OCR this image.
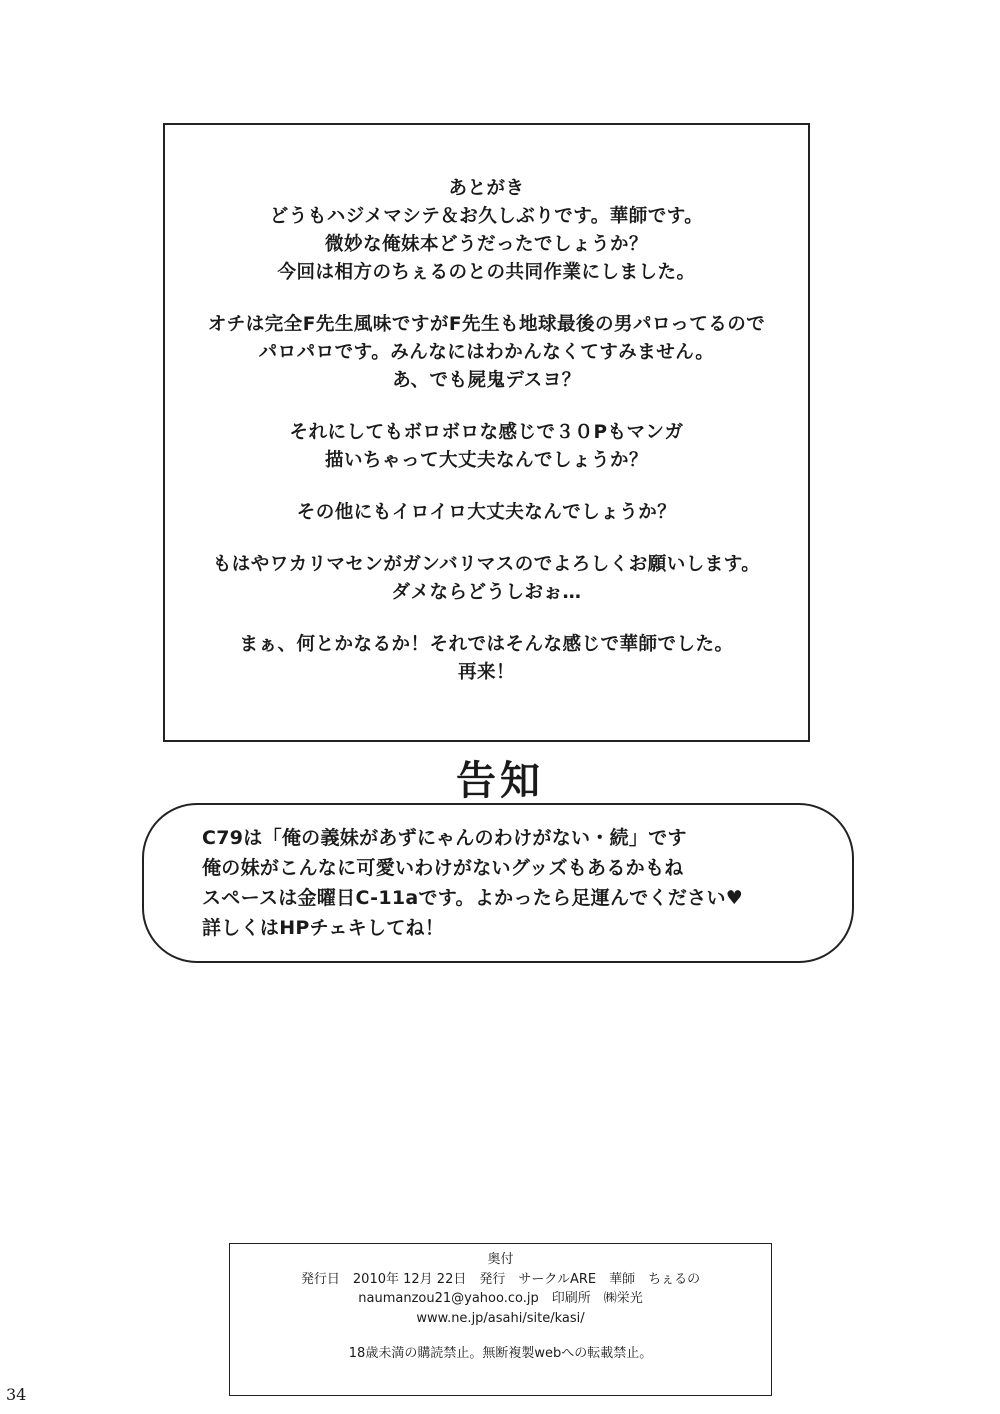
あとがき
どうもハジメマシテ＆お久しぶりです。華師です。
微妙な俺妹本どうだったでしょうか？
今回は相方のちぇるのとの共同作業にしました。
オチは完全F先生風味ですがF先生も地球最後の男パロってるので
パロパロです。みんなにはわかんなくてすみません。
あ、でも屍鬼デスヨ？
それにしてもボロボロな感じで３０Pもマンガ
描いちゃって大丈夫なんでしょうか？
その他にもイロイロ大丈夫なんでしょうか？
もはやワカリマセンがガンバリマスのでよろしくお願いします。
ダメならどうしおぉ…
まぁ、何とかなるか！それではそんな感じで華師でした。
再来！
告知
C79は「俺の義妹があずにゃんのわけがない・続」です
俺の妹がこんなに可愛いわけがないグッズもあるかもね
スペースは金曜日C-11aです。よかったら足運んでください♥
詳しくはHPチェキしてね！
奥付
発行日　2010年 12月 22日　発行　サークルARE　華師　ちぇるの
naumanzou21@yahoo.co.jp　印刷所　㈱栄光
www.ne.jp/asahi/site/kasi/
18歳未満の購読禁止。無断複製webへの転載禁止。
34
